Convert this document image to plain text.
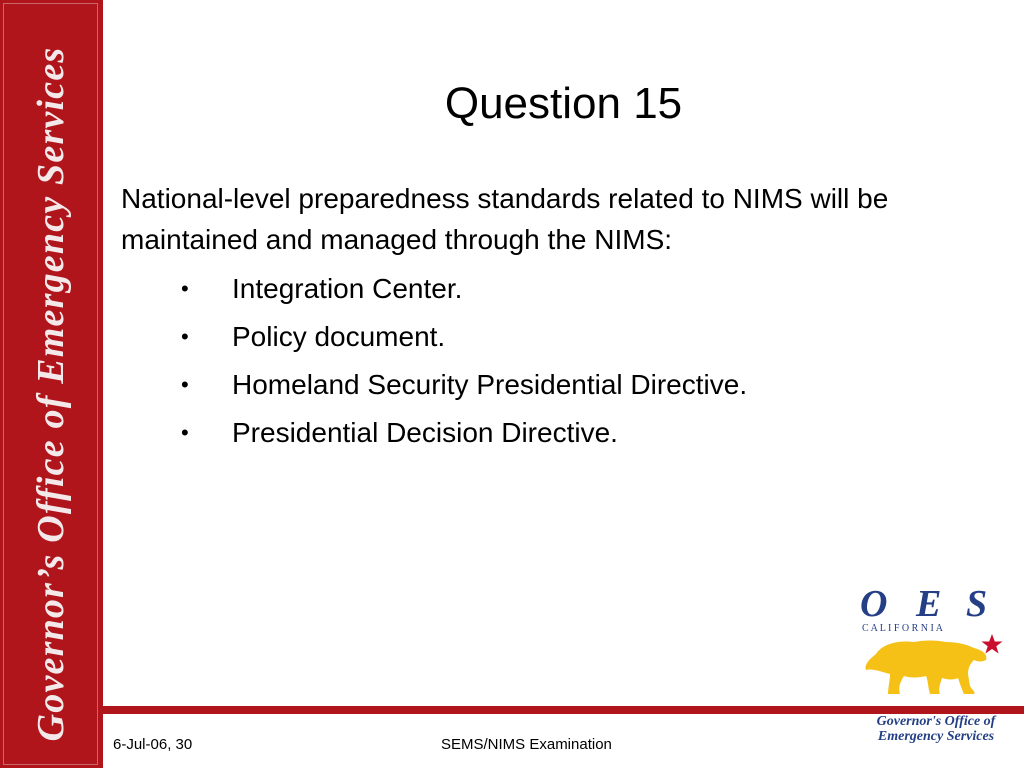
Governor’s Office of Emergency Services	Question 15

National-level preparedness standards related to NIMS will be maintained and managed through the NIMS:

• Integration Center.
• Policy document.
• Homeland Security Presidential Directive.
• Presidential Decision Directive.
O E S
C A L I F O R N I A
6-Jul-06, 30	SEMS/NIMS Examination
Governor's Office of
Emergency Services
